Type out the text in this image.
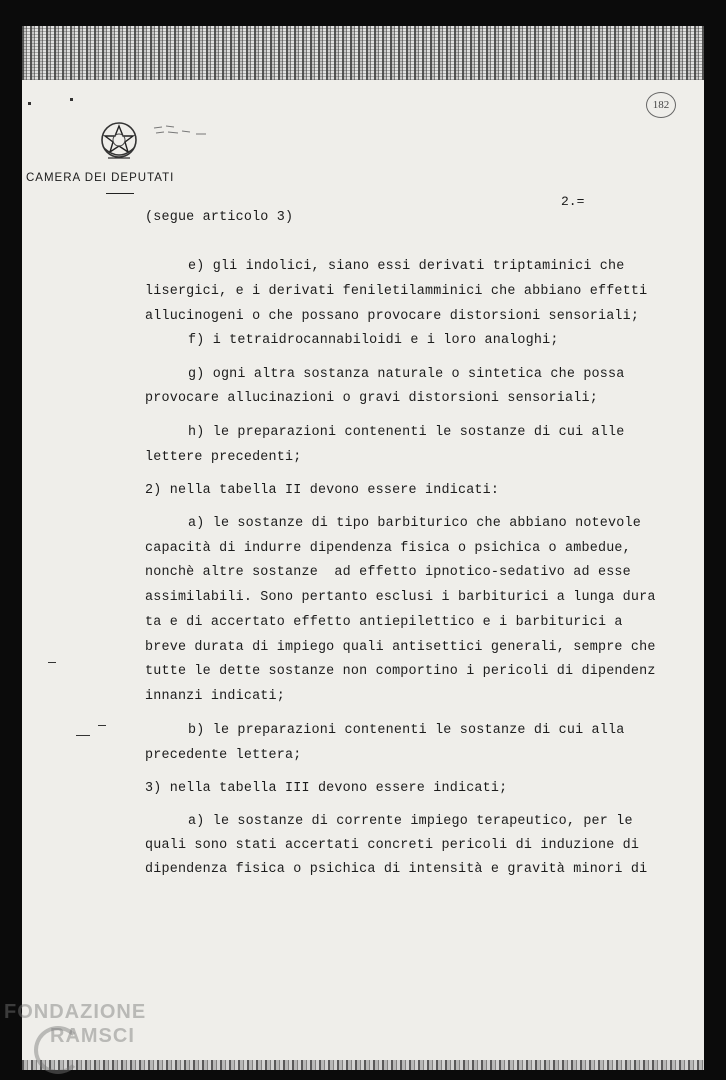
CAMERA DEI DEPUTATI
182
2.=
(segue articolo 3)
e) gli indolici, siano essi derivati triptaminici che
lisergici, e i derivati feniletilamminici che abbiano effetti
allucinogeni o che possano provocare distorsioni sensoriali;
f) i tetraidrocannabiloidi e i loro analoghi;
g) ogni altra sostanza naturale o sintetica che possa
provocare allucinazioni o gravi distorsioni sensoriali;
h) le preparazioni contenenti le sostanze di cui alle
lettere precedenti;
2) nella tabella II devono essere indicati:
a) le sostanze di tipo barbiturico che abbiano notevole
capacità di indurre dipendenza fisica o psichica o ambedue,
nonchè altre sostanze  ad effetto ipnotico-sedativo ad esse
assimilabili. Sono pertanto esclusi i barbiturici a lunga dura
ta e di accertato effetto antiepilettico e i barbiturici a
breve durata di impiego quali antisettici generali, sempre che
tutte le dette sostanze non comportino i pericoli di dipendenz
innanzi indicati;
b) le preparazioni contenenti le sostanze di cui alla
precedente lettera;
3) nella tabella III devono essere indicati;
a) le sostanze di corrente impiego terapeutico, per le
quali sono stati accertati concreti pericoli di induzione di
dipendenza fisica o psichica di intensità e gravità minori di
FONDAZIONE
RAMSCI
